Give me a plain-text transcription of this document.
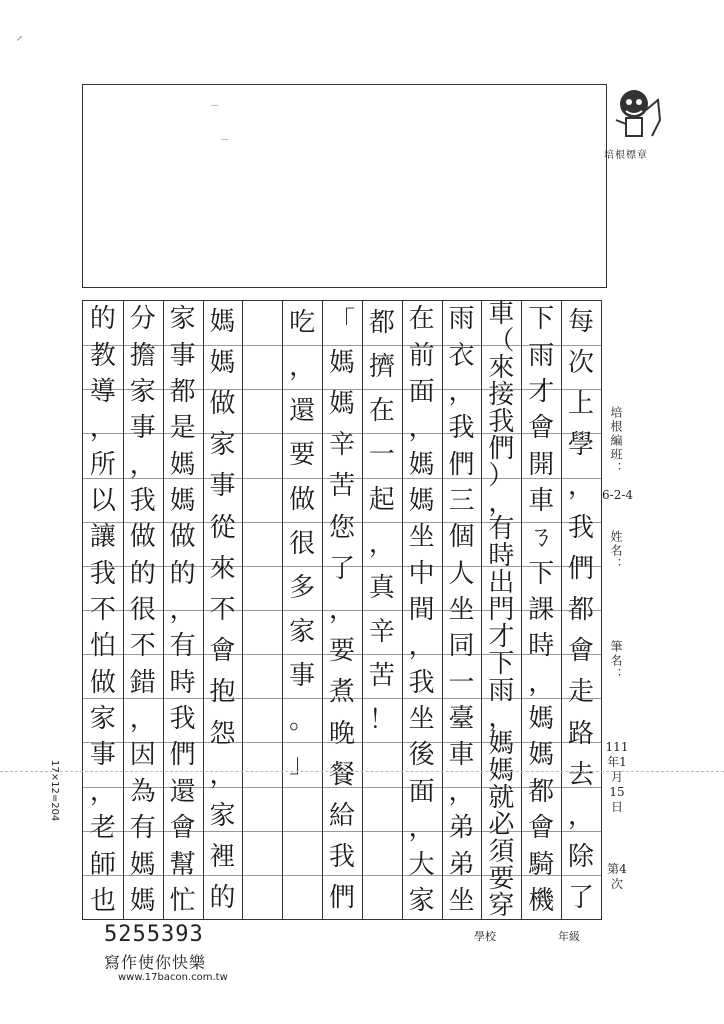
↗
培根標章
每
次
上
學
，
我
們
都
會
走
路
去
，
除
了
下
雨
才
會
開
車
ㄋ
下
課
時
，
媽
媽
都
會
騎
機
車
（
來
接
我
們
）
，
有
時
出
門
才
下
雨
，
媽
媽
就
必
須
要
穿
雨
衣
，
我
們
三
個
人
坐
同
一
臺
車
，
弟
弟
坐
在
前
面
，
媽
媽
坐
中
間
，
我
坐
後
面
，
大
家
都
擠
在
一
起
，
真
辛
苦
！
「
媽
媽
辛
苦
您
了
，
要
煮
晚
餐
給
我
們
吃
，
還
要
做
很
多
家
事
。
」
媽
媽
做
家
事
從
來
不
會
抱
怨
，
家
裡
的
家
事
都
是
媽
媽
做
的
，
有
時
我
們
還
會
幫
忙
分
擔
家
事
，
我
做
的
很
不
錯
，
因
為
有
媽
媽
的
教
導
，
所
以
讓
我
不
怕
做
家
事
，
老
師
也
培根編班：
6-2-4
姓名：
筆名：
111年1月15日
第4次
17×12=204
學校	年級
5255393
寫作使你快樂
www.17bacon.com.tw
